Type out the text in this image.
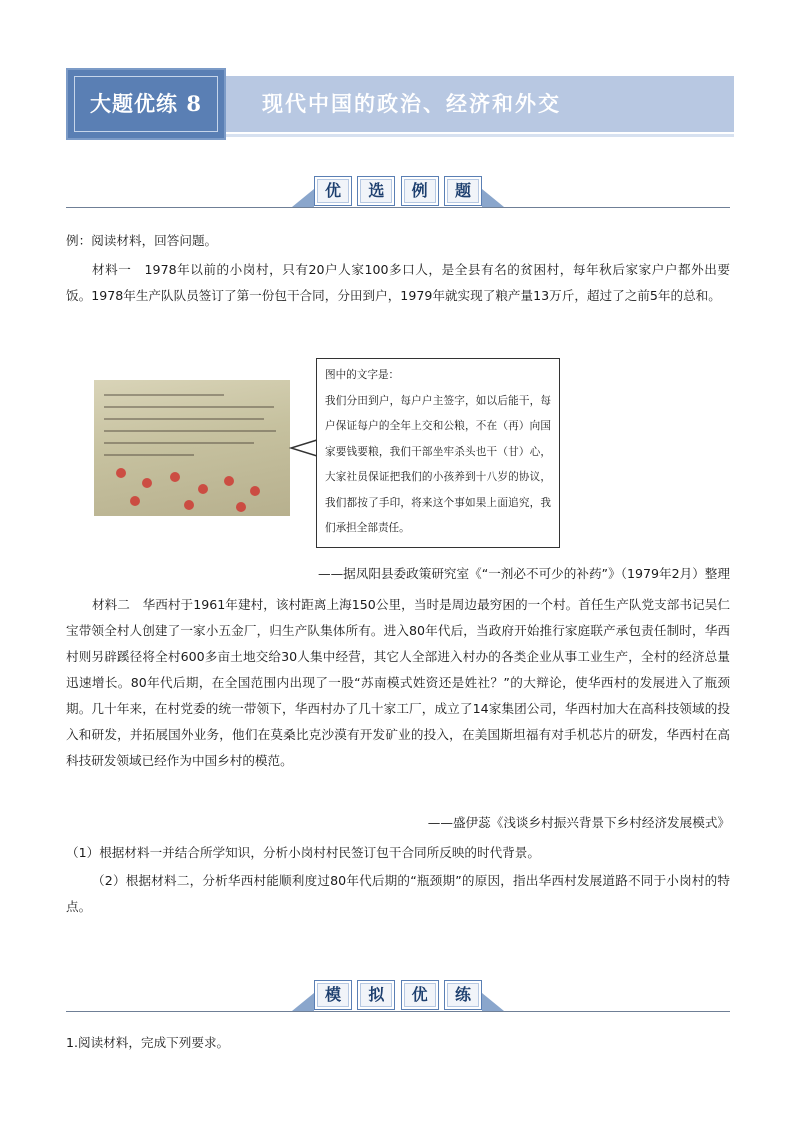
大题优练 8	现代中国的政治、经济和外交
优	选	例	题

例：阅读材料，回答问题。

材料一　1978年以前的小岗村，只有20户人家100多口人，是全县有名的贫困村，每年秋后家家户户都外出要饭。1978年生产队队员签订了第一份包干合同，分田到户，1979年就实现了粮产量13万斤，超过了之前5年的总和。

图中的文字是：

我们分田到户，每户户主签字，如以后能干，每户保证每户的全年上交和公粮，不在（再）向国家要钱要粮，我们干部坐牢杀头也干（甘）心，大家社员保证把我们的小孩养到十八岁的协议，我们都按了手印，将来这个事如果上面追究，我们承担全部责任。

——据凤阳县委政策研究室《“一剂必不可少的补药”》（1979年2月）整理

材料二　华西村于1961年建村，该村距离上海150公里，当时是周边最穷困的一个村。首任生产队党支部书记吴仁宝带领全村人创建了一家小五金厂，归生产队集体所有。进入80年代后，当政府开始推行家庭联产承包责任制时，华西村则另辟蹊径将全村600多亩土地交给30人集中经营，其它人全部进入村办的各类企业从事工业生产，全村的经济总量迅速增长。80年代后期，在全国范围内出现了一股“苏南模式姓资还是姓社？”的大辩论，使华西村的发展进入了瓶颈期。几十年来，在村党委的统一带领下，华西村办了几十家工厂，成立了14家集团公司，华西村加大在高科技领域的投入和研发，并拓展国外业务，他们在莫桑比克沙漠有开发矿业的投入，在美国斯坦福有对手机芯片的研发，华西村在高科技研发领域已经作为中国乡村的模范。

——盛伊蕊《浅谈乡村振兴背景下乡村经济发展模式》

（1）根据材料一并结合所学知识，分析小岗村村民签订包干合同所反映的时代背景。

（2）根据材料二，分析华西村能顺利度过80年代后期的“瓶颈期”的原因，指出华西村发展道路不同于小岗村的特点。

模	拟	优	练

1.阅读材料，完成下列要求。
